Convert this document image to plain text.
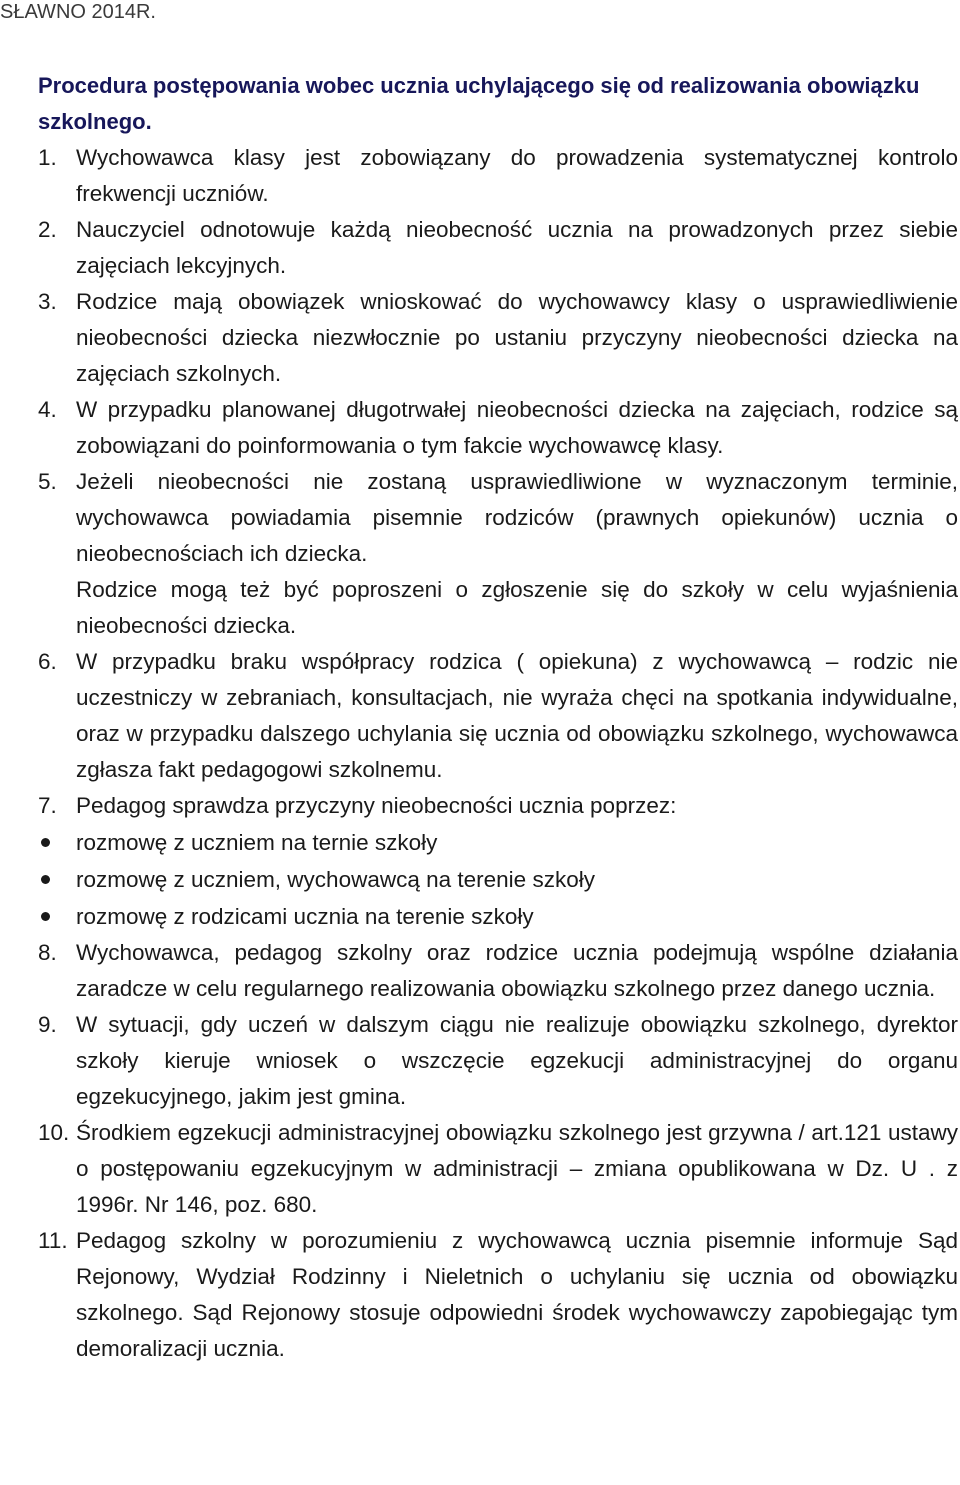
SŁAWNO 2014R.
Procedura postępowania wobec ucznia uchylającego się od realizowania obowiązku szkolnego.
1. Wychowawca klasy jest zobowiązany do prowadzenia systematycznej kontrolo frekwencji uczniów.
2. Nauczyciel odnotowuje każdą nieobecność ucznia na prowadzonych przez siebie zajęciach lekcyjnych.
3. Rodzice mają obowiązek wnioskować do wychowawcy klasy o usprawiedliwienie nieobecności dziecka niezwłocznie po ustaniu przyczyny nieobecności dziecka na zajęciach szkolnych.
4. W przypadku planowanej długotrwałej nieobecności dziecka na zajęciach, rodzice są zobowiązani do poinformowania o tym fakcie wychowawcę klasy.
5. Jeżeli nieobecności nie zostaną usprawiedliwione w wyznaczonym terminie, wychowawca powiadamia pisemnie rodziców (prawnych opiekunów) ucznia o nieobecnościach ich dziecka.
Rodzice mogą też być poproszeni o zgłoszenie się do szkoły w celu wyjaśnienia nieobecności dziecka.
6. W przypadku braku współpracy rodzica ( opiekuna) z wychowawcą – rodzic nie uczestniczy w zebraniach, konsultacjach, nie wyraża chęci na spotkania indywidualne, oraz w przypadku dalszego uchylania się ucznia od obowiązku szkolnego, wychowawca zgłasza fakt pedagogowi szkolnemu.
7. Pedagog sprawdza przyczyny nieobecności ucznia poprzez:
rozmowę z uczniem na ternie szkoły
rozmowę z uczniem, wychowawcą na terenie szkoły
rozmowę z rodzicami ucznia na terenie szkoły
8. Wychowawca, pedagog szkolny oraz rodzice ucznia podejmują wspólne działania zaradcze w celu regularnego realizowania obowiązku szkolnego przez danego ucznia.
9. W sytuacji, gdy uczeń w dalszym ciągu nie realizuje obowiązku szkolnego, dyrektor szkoły kieruje wniosek o wszczęcie egzekucji administracyjnej do organu egzekucyjnego, jakim jest gmina.
10. Środkiem egzekucji administracyjnej obowiązku szkolnego jest grzywna / art.121 ustawy o postępowaniu egzekucyjnym w administracji – zmiana opublikowana w Dz. U . z 1996r. Nr 146, poz. 680.
11. Pedagog szkolny w porozumieniu z wychowawcą ucznia pisemnie informuje Sąd Rejonowy, Wydział Rodzinny i Nieletnich o uchylaniu się ucznia od obowiązku szkolnego. Sąd Rejonowy stosuje odpowiedni środek wychowawczy zapobiegając tym demoralizacji ucznia.
